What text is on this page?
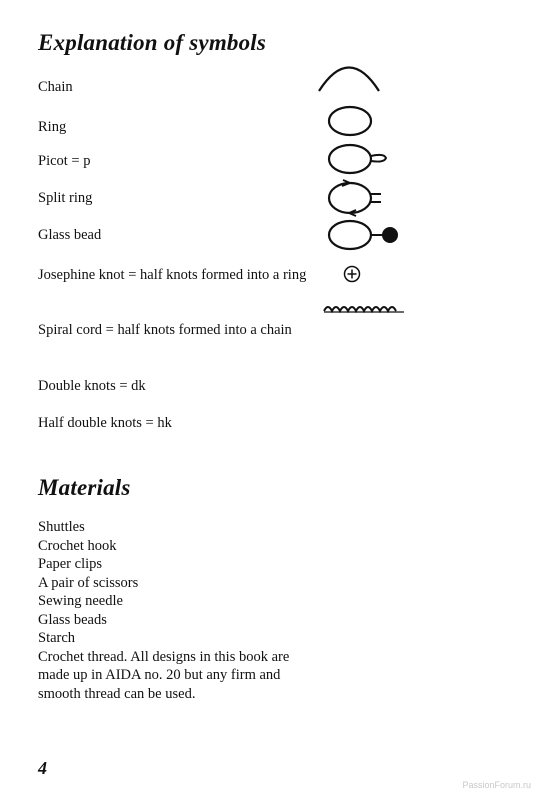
Explanation of symbols
Chain
Ring
Picot = p
Split ring
Glass bead
Josephine knot = half knots formed into a ring
Spiral cord = half knots formed into a chain
Double knots = dk
Half double knots = hk
Materials
Shuttles
Crochet hook
Paper clips
A pair of scissors
Sewing needle
Glass beads
Starch
Crochet thread. All designs in this book are made up in AIDA no. 20 but any firm and smooth thread can be used.
4
PassionForum.ru
